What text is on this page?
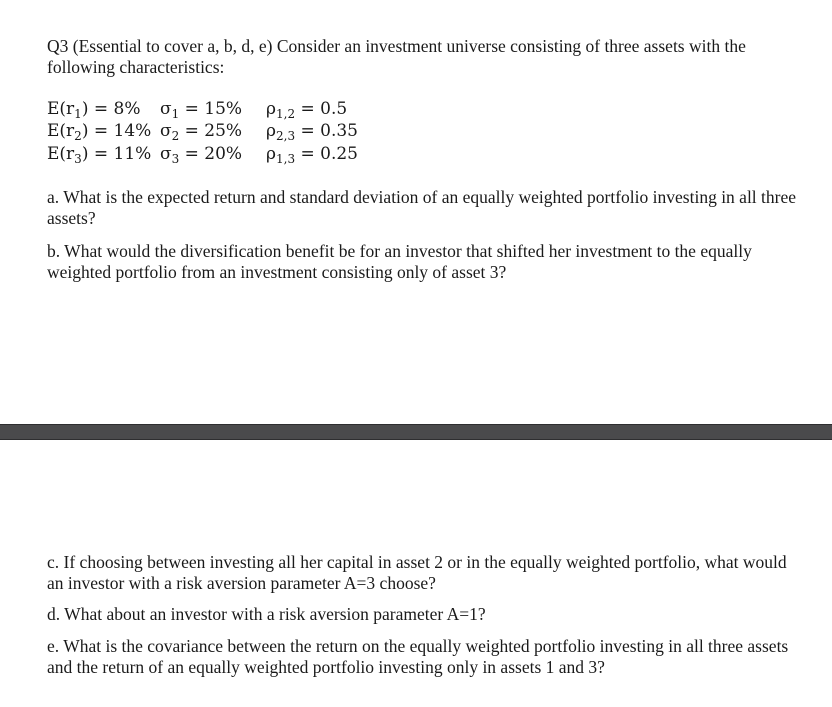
Q3 (Essential to cover a, b, d, e) Consider an investment universe consisting of three assets with the following characteristics:

$E(r_1) = 8\%$	$\sigma_1 = 15\%$	$\rho_{1,2} = 0.5$
$E(r_2) = 14\%$ $\sigma_2 = 25\%$	$\rho_{2,3} = 0.35$
$E(r_3) = 11\%$ $\sigma_3 = 20\%$	$\rho_{1,3} = 0.25$

a. What is the expected return and standard deviation of an equally weighted portfolio investing in all three assets?

b. What would the diversification benefit be for an investor that shifted her investment to the equally weighted portfolio from an investment consisting only of asset 3?

c. If choosing between investing all her capital in asset 2 or in the equally weighted portfolio, what would an investor with a risk aversion parameter A=3 choose?

d. What about an investor with a risk aversion parameter A=1?

e. What is the covariance between the return on the equally weighted portfolio investing in all three assets and the return of an equally weighted portfolio investing only in assets 1 and 3?
